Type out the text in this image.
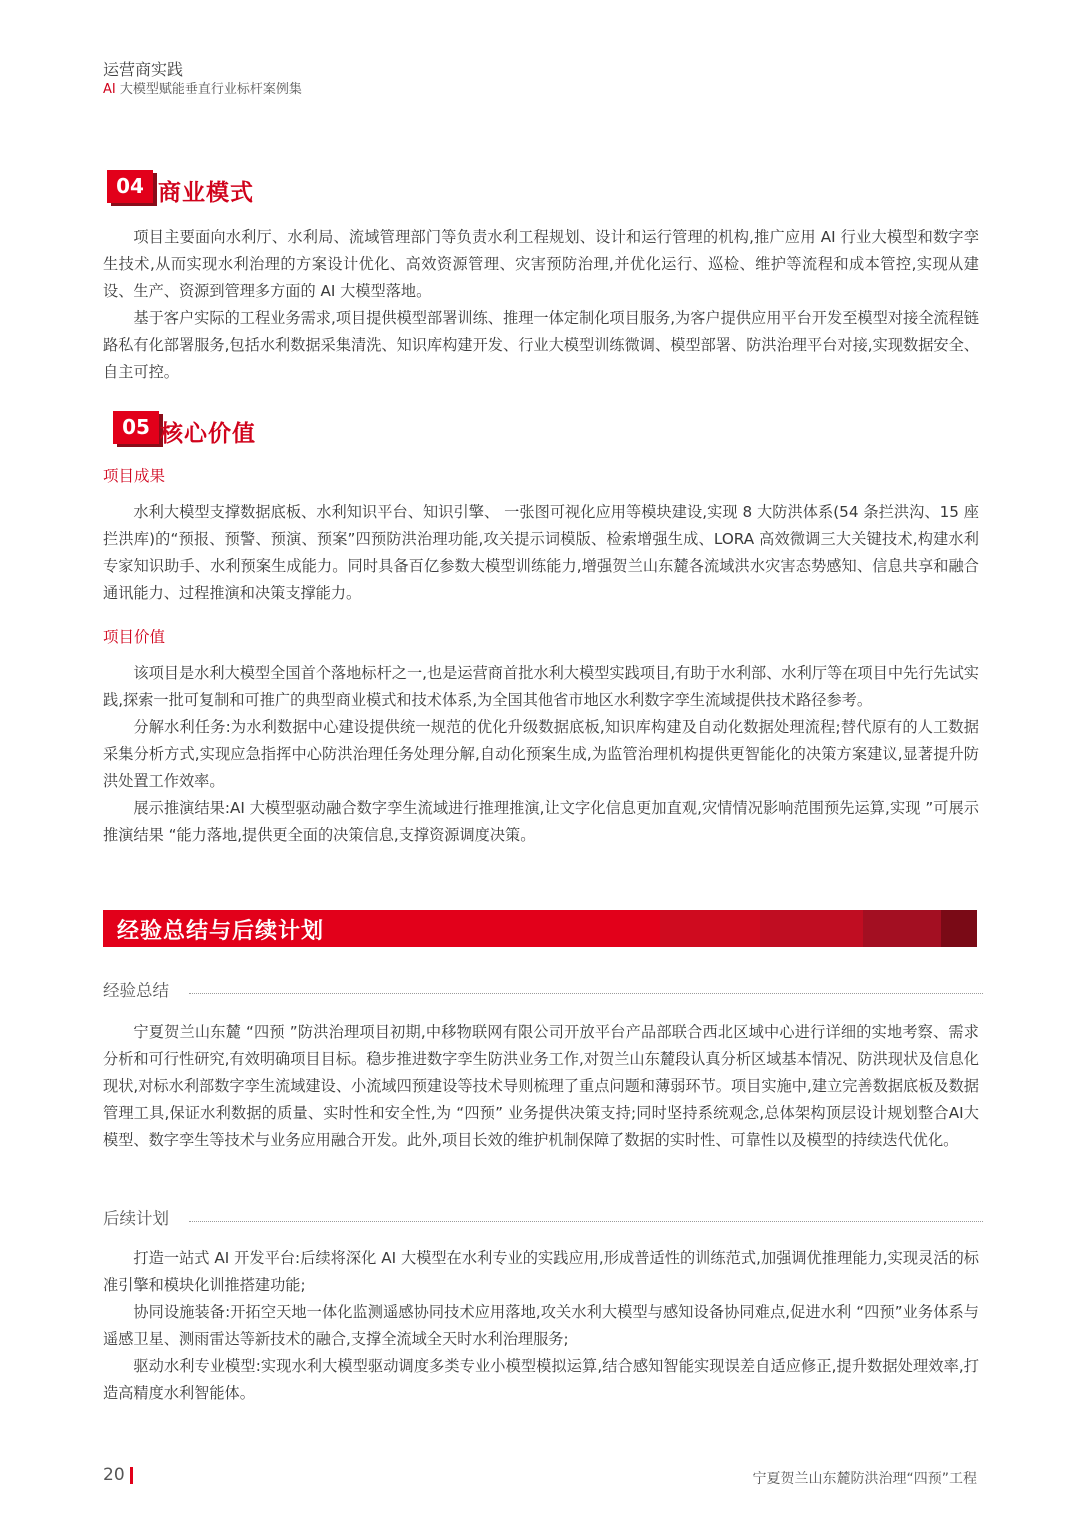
运营商实践
AI 大模型赋能垂直行业标杆案例集
04 商业模式

项目主要面向水利厅、水利局、流域管理部门等负责水利工程规划、设计和运行管理的机构,推广应用 AI 行业大模型和数字孪生技术,从而实现水利治理的方案设计优化、高效资源管理、灾害预防治理,并优化运行、巡检、维护等流程和成本管控,实现从建设、生产、资源到管理多方面的 AI 大模型落地。

基于客户实际的工程业务需求,项目提供模型部署训练、推理一体定制化项目服务,为客户提供应用平台开发至模型对接全流程链路私有化部署服务,包括水利数据采集清洗、知识库构建开发、行业大模型训练微调、模型部署、防洪治理平台对接,实现数据安全、自主可控。

05 核心价值
项目成果

水利大模型支撑数据底板、水利知识平台、知识引擎、 一张图可视化应用等模块建设,实现 8 大防洪体系(54 条拦洪沟、15 座拦洪库)的“预报、预警、预演、预案”四预防洪治理功能,攻关提示词模版、检索增强生成、LORA 高效微调三大关键技术,构建水利专家知识助手、水利预案生成能力。同时具备百亿参数大模型训练能力,增强贺兰山东麓各流域洪水灾害态势感知、信息共享和融合通讯能力、过程推演和决策支撑能力。

项目价值

该项目是水利大模型全国首个落地标杆之一,也是运营商首批水利大模型实践项目,有助于水利部、水利厅等在项目中先行先试实践,探索一批可复制和可推广的典型商业模式和技术体系,为全国其他省市地区水利数字孪生流域提供技术路径参考。

分解水利任务:为水利数据中心建设提供统一规范的优化升级数据底板,知识库构建及自动化数据处理流程;替代原有的人工数据采集分析方式,实现应急指挥中心防洪治理任务处理分解,自动化预案生成,为监管治理机构提供更智能化的决策方案建议,显著提升防洪处置工作效率。

展示推演结果:AI 大模型驱动融合数字孪生流域进行推理推演,让文字化信息更加直观,灾情情况影响范围预先运算,实现 ”可展示推演结果 “能力落地,提供更全面的决策信息,支撑资源调度决策。

经验总结与后续计划
经验总结

宁夏贺兰山东麓 “四预 ”防洪治理项目初期,中移物联网有限公司开放平台产品部联合西北区域中心进行详细的实地考察、需求分析和可行性研究,有效明确项目目标。稳步推进数字孪生防洪业务工作,对贺兰山东麓段认真分析区域基本情况、防洪现状及信息化现状,对标水利部数字孪生流域建设、小流域四预建设等技术导则梳理了重点问题和薄弱环节。项目实施中,建立完善数据底板及数据管理工具,保证水利数据的质量、实时性和安全性,为 “四预” 业务提供决策支持;同时坚持系统观念,总体架构顶层设计规划整合AI大模型、数字孪生等技术与业务应用融合开发。此外,项目长效的维护机制保障了数据的实时性、可靠性以及模型的持续迭代优化。

后续计划

打造一站式 AI 开发平台:后续将深化 AI 大模型在水利专业的实践应用,形成普适性的训练范式,加强调优推理能力,实现灵活的标准引擎和模块化训推搭建功能;

协同设施装备:开拓空天地一体化监测遥感协同技术应用落地,攻关水利大模型与感知设备协同难点,促进水利 “四预”业务体系与遥感卫星、测雨雷达等新技术的融合,支撑全流域全天时水利治理服务;

驱动水利专业模型:实现水利大模型驱动调度多类专业小模型模拟运算,结合感知智能实现误差自适应修正,提升数据处理效率,打造高精度水利智能体。

20	宁夏贺兰山东麓防洪治理“四预”工程
